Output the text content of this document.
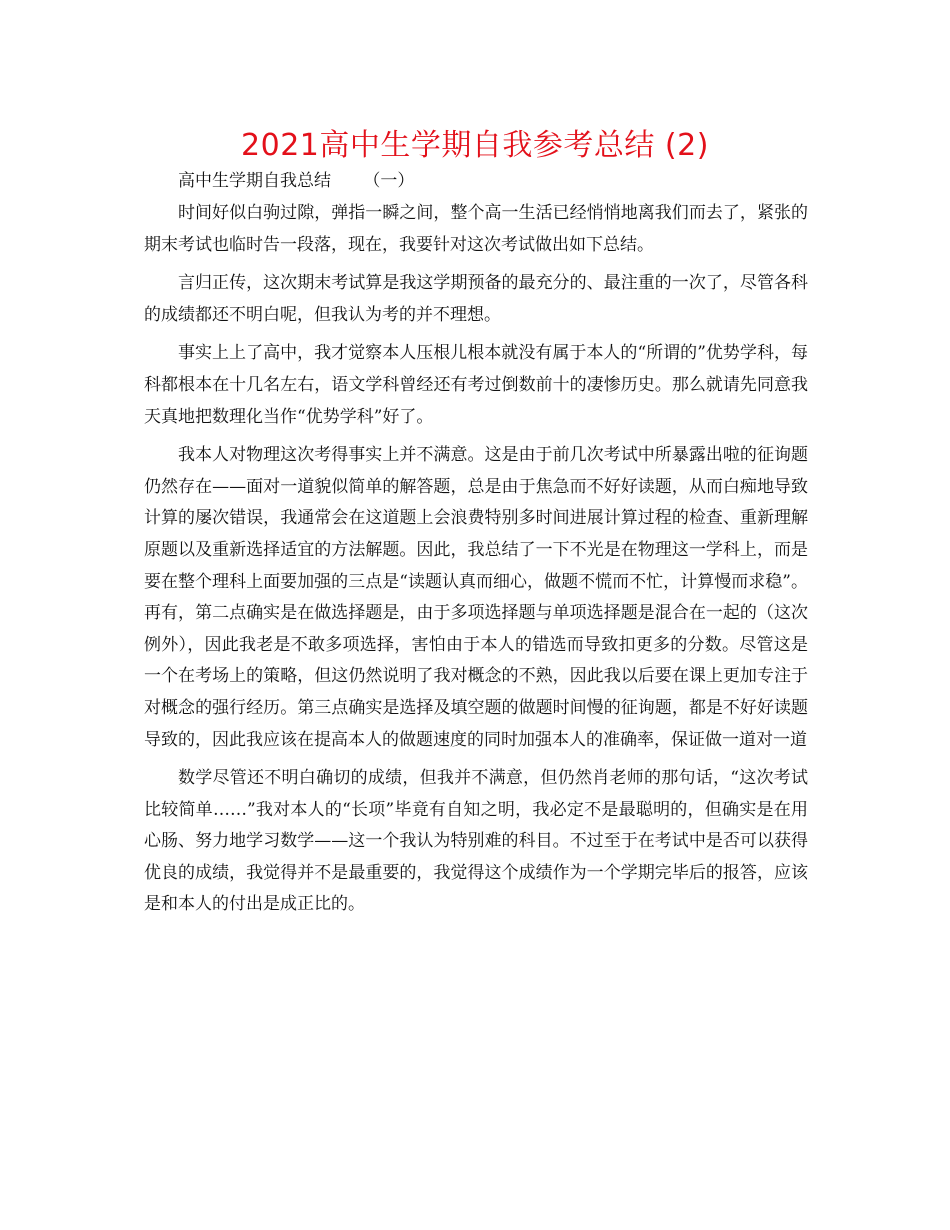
2021高中生学期自我参考总结 (2)

高中生学期自我总结      （一）

时间好似白驹过隙，弹指一瞬之间，整个高一生活已经悄悄地离我们而去了，紧张的期末考试也临时告一段落，现在，我要针对这次考试做出如下总结。

言归正传，这次期末考试算是我这学期预备的最充分的、最注重的一次了，尽管各科的成绩都还不明白呢，但我认为考的并不理想。

事实上上了高中，我才觉察本人压根儿根本就没有属于本人的“所谓的”优势学科，每科都根本在十几名左右，语文学科曾经还有考过倒数前十的凄惨历史。那么就请先同意我天真地把数理化当作“优势学科”好了。

我本人对物理这次考得事实上并不满意。这是由于前几次考试中所暴露出啦的征询题仍然存在——面对一道貌似简单的解答题，总是由于焦急而不好好读题，从而白痴地导致计算的屡次错误，我通常会在这道题上会浪费特别多时间进展计算过程的检查、重新理解原题以及重新选择适宜的方法解题。因此，我总结了一下不光是在物理这一学科上，而是要在整个理科上面要加强的三点是“读题认真而细心，做题不慌而不忙，计算慢而求稳”。再有，第二点确实是在做选择题是，由于多项选择题与单项选择题是混合在一起的（这次例外），因此我老是不敢多项选择，害怕由于本人的错选而导致扣更多的分数。尽管这是一个在考场上的策略，但这仍然说明了我对概念的不熟，因此我以后要在课上更加专注于对概念的强行经历。第三点确实是选择及填空题的做题时间慢的征询题，都是不好好读题导致的，因此我应该在提高本人的做题速度的同时加强本人的准确率，保证做一道对一道

数学尽管还不明白确切的成绩，但我并不满意，但仍然肖老师的那句话，“这次考试比较简单……”我对本人的“长项”毕竟有自知之明，我必定不是最聪明的，但确实是在用心肠、努力地学习数学——这一个我认为特别难的科目。不过至于在考试中是否可以获得优良的成绩，我觉得并不是最重要的，我觉得这个成绩作为一个学期完毕后的报答，应该是和本人的付出是成正比的。
